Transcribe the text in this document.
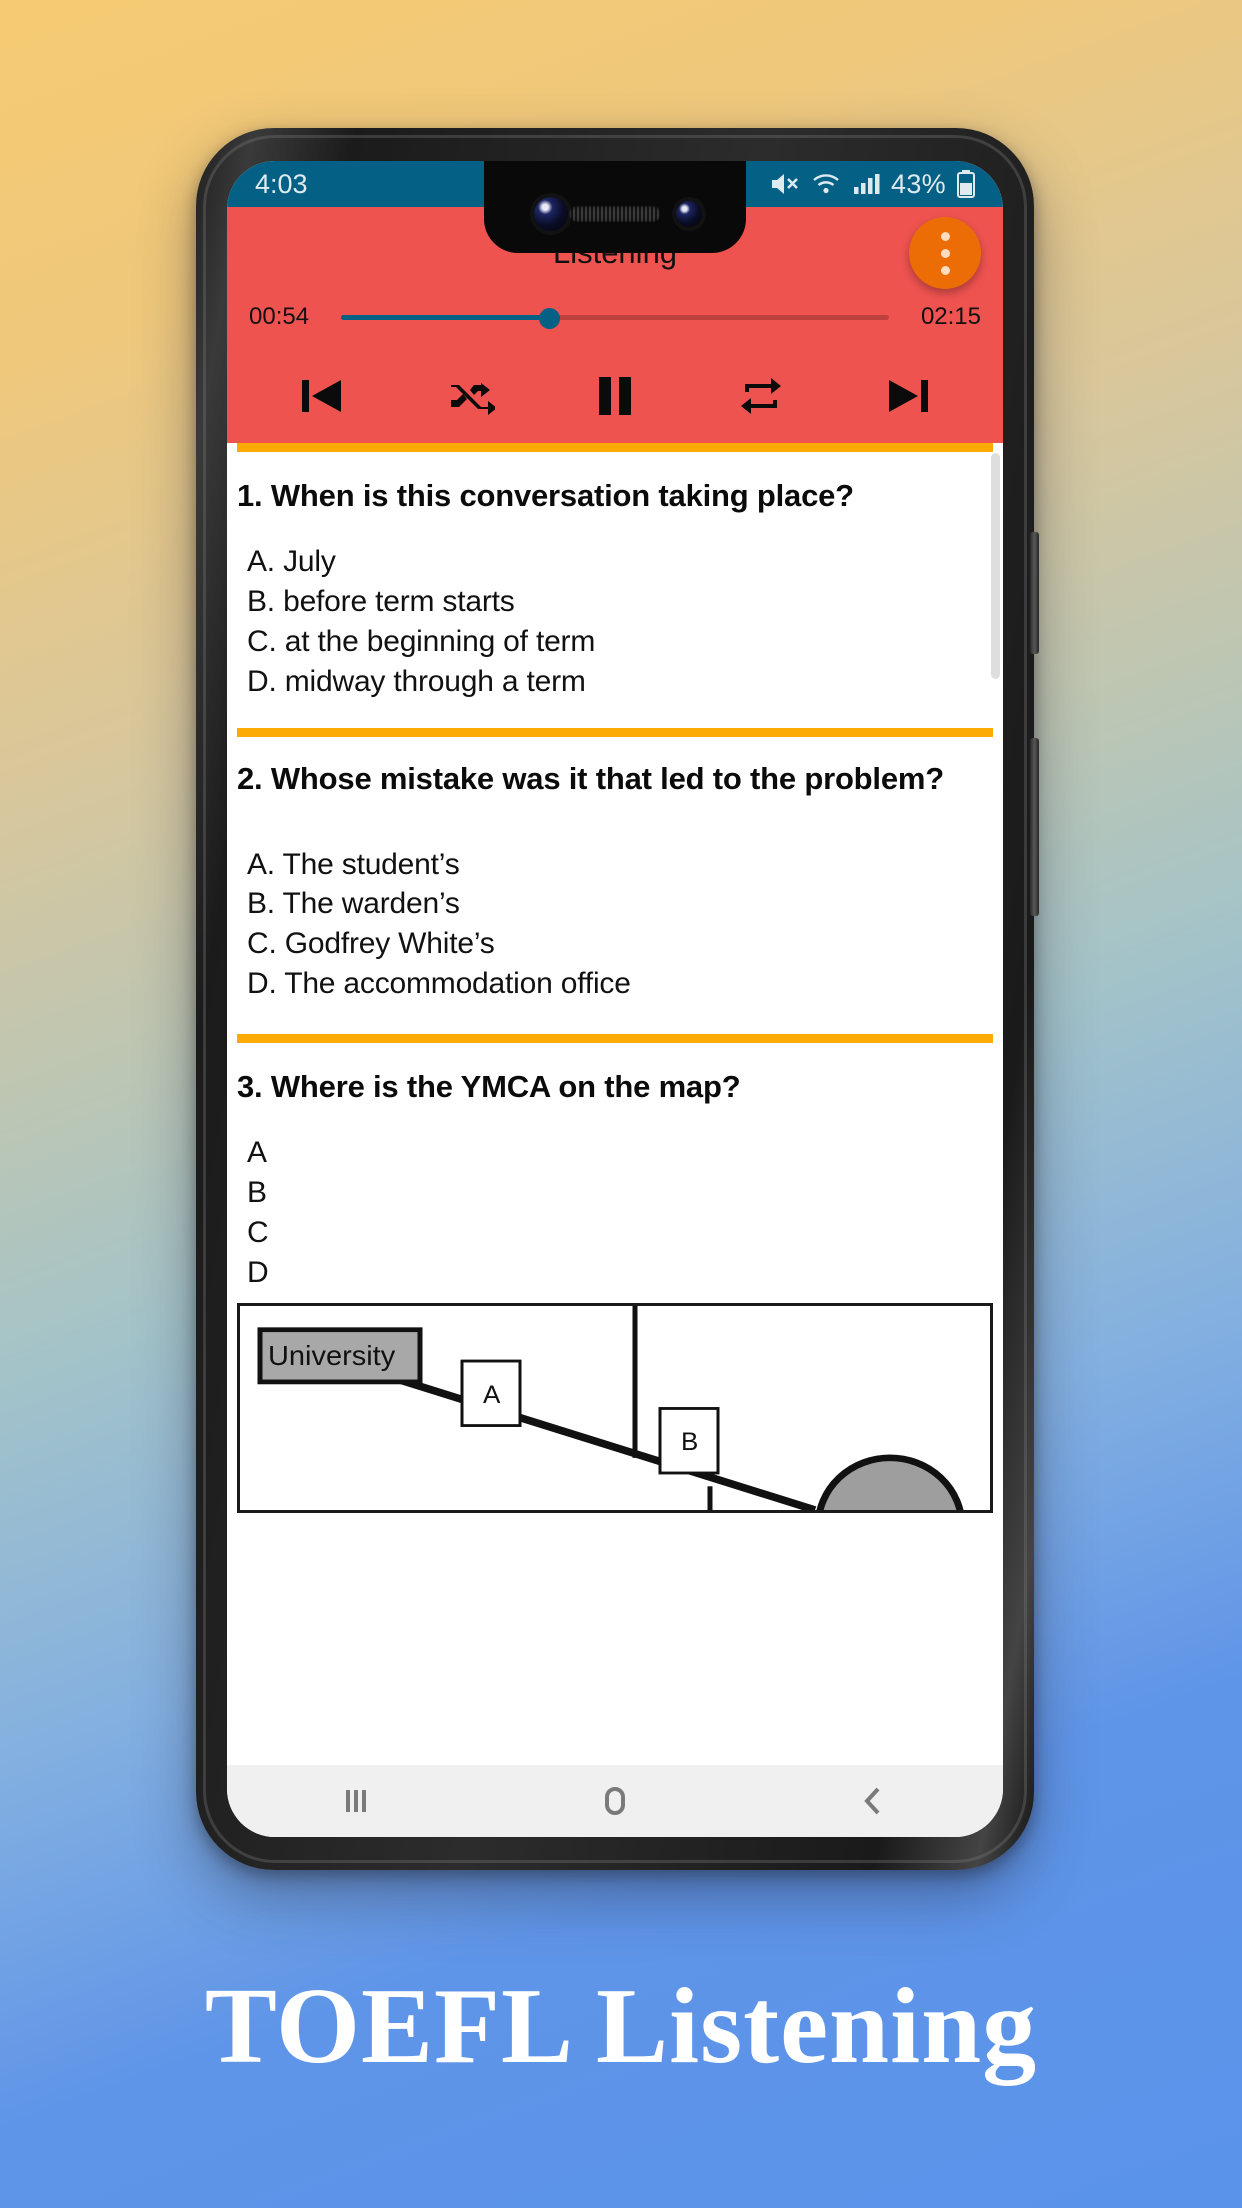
4:03	43%
00:54	02:15
1. When is this conversation taking place?
A. July
B. before term starts
C. at the beginning of term
D. midway through a term
2. Whose mistake was it that led to the problem?
A. The student’s
B. The warden’s
C. Godfrey White’s
D. The accommodation office
3. Where is the YMCA on the map?
A
B
C
D
University
A
B
TOEFL Listening
